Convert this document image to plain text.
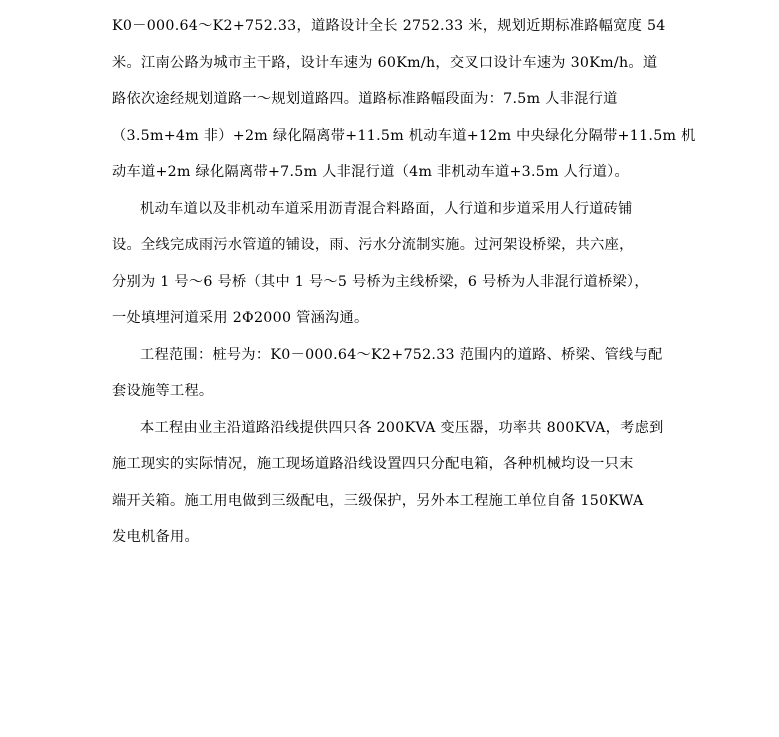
K0－000.64～K2+752.33，道路设计全长 2752.33 米，规划近期标准路幅宽度 54
米。江南公路为城市主干路，设计车速为 60Km/h，交叉口设计车速为 30Km/h。道
路依次途经规划道路一～规划道路四。道路标准路幅段面为：7.5m 人非混行道
（3.5m+4m 非）+2m 绿化隔离带+11.5m 机动车道+12m 中央绿化分隔带+11.5m 机
动车道+2m 绿化隔离带+7.5m 人非混行道（4m 非机动车道+3.5m 人行道）。
机动车道以及非机动车道采用沥青混合料路面，人行道和步道采用人行道砖铺
设。全线完成雨污水管道的铺设，雨、污水分流制实施。过河架设桥梁，共六座，
分别为 1 号～6 号桥（其中 1 号～5 号桥为主线桥梁，6 号桥为人非混行道桥梁），
一处填埋河道采用 2Φ2000 管涵沟通。
工程范围：桩号为：K0－000.64～K2+752.33 范围内的道路、桥梁、管线与配
套设施等工程。
本工程由业主沿道路沿线提供四只各 200KVA 变压器，功率共 800KVA，考虑到
施工现实的实际情况，施工现场道路沿线设置四只分配电箱，各种机械均设一只末
端开关箱。施工用电做到三级配电，三级保护，另外本工程施工单位自备 150KWA
发电机备用。
